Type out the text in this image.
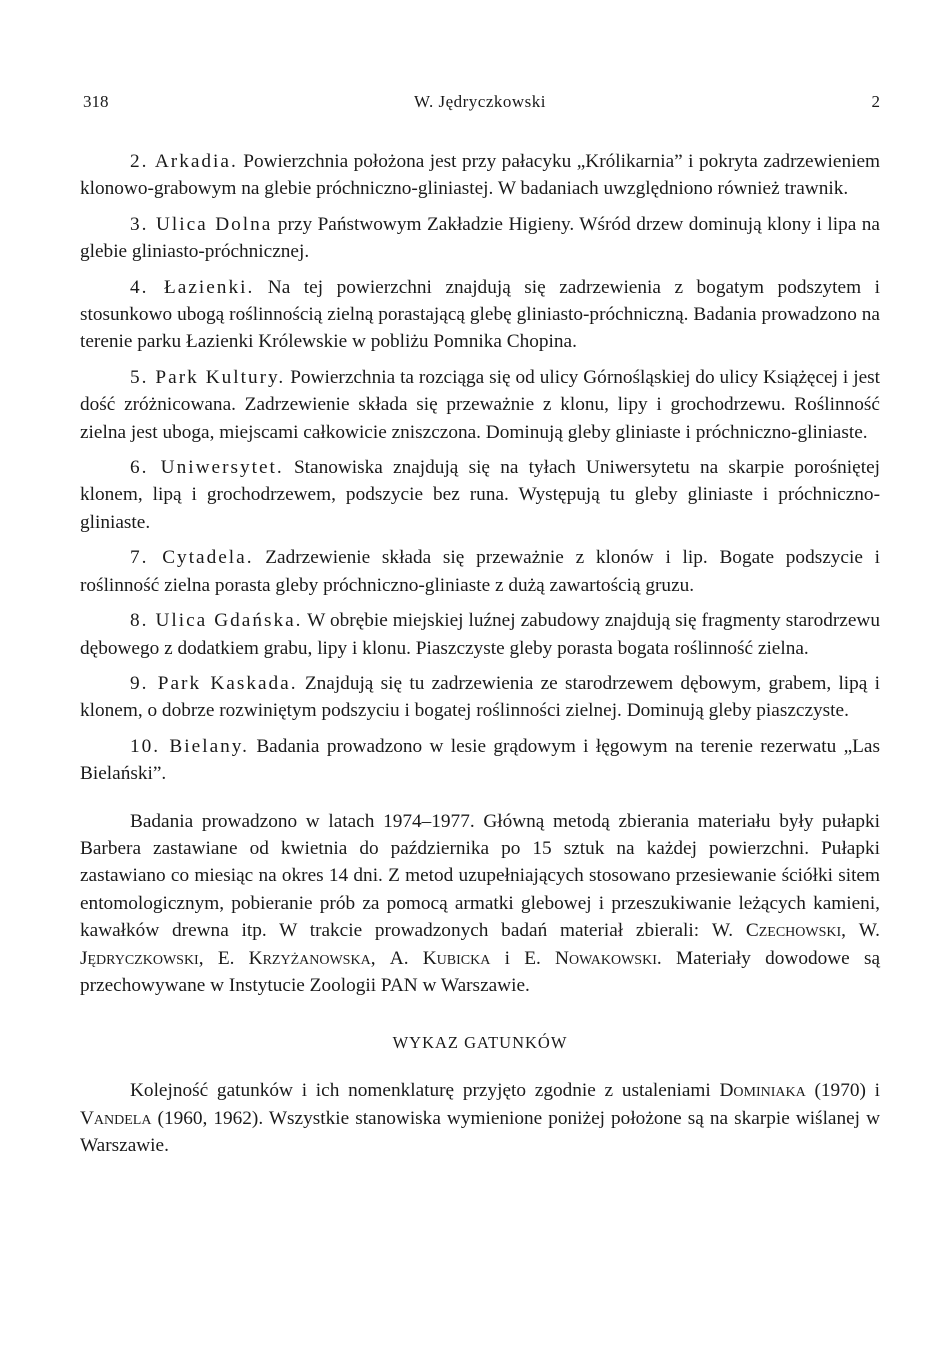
318	W. Jędryczkowski	2

2. Arkadia. Powierzchnia położona jest przy pałacyku „Królikarnia” i pokryta zadrzewieniem klonowo-grabowym na glebie próchniczno-gliniastej. W badaniach uwzględniono również trawnik.

3. Ulica Dolna przy Państwowym Zakładzie Higieny. Wśród drzew dominują klony i lipa na glebie gliniasto-próchnicznej.

4. Łazienki. Na tej powierzchni znajdują się zadrzewienia z bogatym podszytem i stosunkowo ubogą roślinnością zielną porastającą glebę gliniasto-próchniczną. Badania prowadzono na terenie parku Łazienki Królewskie w pobliżu Pomnika Chopina.

5. Park Kultury. Powierzchnia ta rozciąga się od ulicy Górnośląskiej do ulicy Książęcej i jest dość zróżnicowana. Zadrzewienie składa się przeważnie z klonu, lipy i grochodrzewu. Roślinność zielna jest uboga, miejscami całkowicie zniszczona. Dominują gleby gliniaste i próchniczno-gliniaste.

6. Uniwersytet. Stanowiska znajdują się na tyłach Uniwersytetu na skarpie porośniętej klonem, lipą i grochodrzewem, podszycie bez runa. Występują tu gleby gliniaste i próchniczno-gliniaste.

7. Cytadela. Zadrzewienie składa się przeważnie z klonów i lip. Bogate podszycie i roślinność zielna porasta gleby próchniczno-gliniaste z dużą zawartością gruzu.

8. Ulica Gdańska. W obrębie miejskiej luźnej zabudowy znajdują się fragmenty starodrzewu dębowego z dodatkiem grabu, lipy i klonu. Piaszczyste gleby porasta bogata roślinność zielna.

9. Park Kaskada. Znajdują się tu zadrzewienia ze starodrzewem dębowym, grabem, lipą i klonem, o dobrze rozwiniętym podszyciu i bogatej roślinności zielnej. Dominują gleby piaszczyste.

10. Bielany. Badania prowadzono w lesie grądowym i łęgowym na terenie rezerwatu „Las Bielański”.

Badania prowadzono w latach 1974–1977. Główną metodą zbierania materiału były pułapki Barbera zastawiane od kwietnia do października po 15 sztuk na każdej powierzchni. Pułapki zastawiano co miesiąc na okres 14 dni. Z metod uzupełniających stosowano przesiewanie ściółki sitem entomologicznym, pobieranie prób za pomocą armatki glebowej i przeszukiwanie leżących kamieni, kawałków drewna itp. W trakcie prowadzonych badań materiał zbierali: W. Czechowski, W. Jędryczkowski, E. Krzyżanowska, A. Kubicka i E. Nowakowski. Materiały dowodowe są przechowywane w Instytucie Zoologii PAN w Warszawie.

WYKAZ GATUNKÓW

Kolejność gatunków i ich nomenklaturę przyjęto zgodnie z ustaleniami Dominiaka (1970) i Vandela (1960, 1962). Wszystkie stanowiska wymienione poniżej położone są na skarpie wiślanej w Warszawie.
